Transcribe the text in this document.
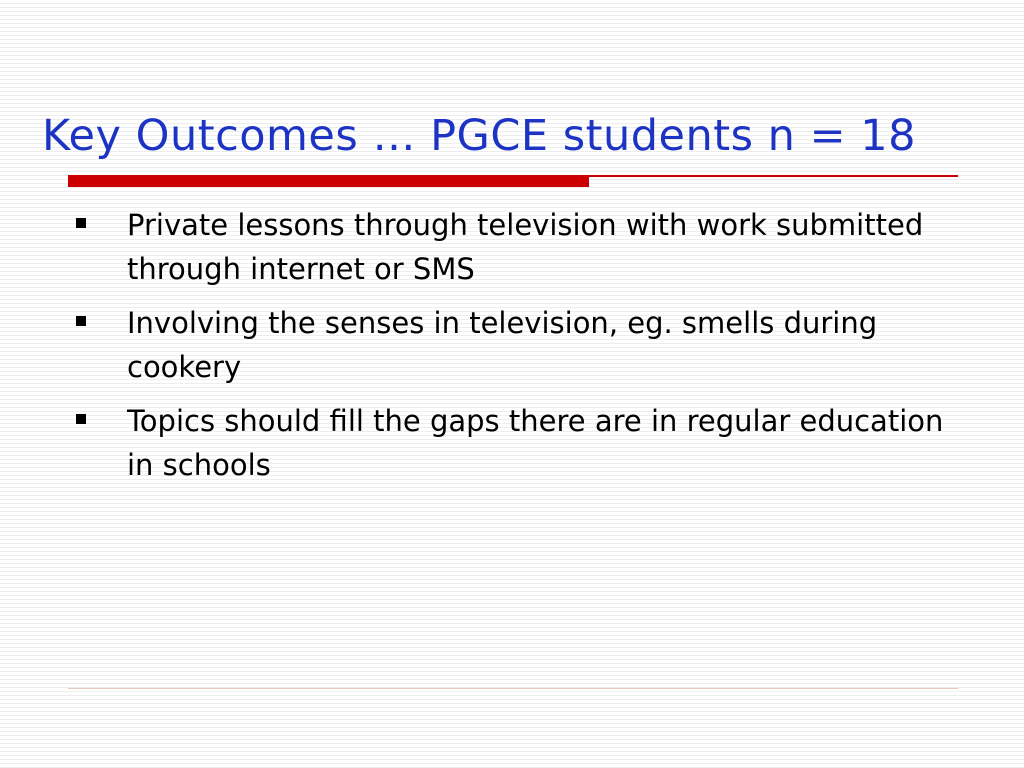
Key Outcomes … PGCE students n = 18
Private lessons through television with work submitted through internet or SMS
Involving the senses in television, eg. smells during cookery
Topics should fill the gaps there are in regular education in schools
